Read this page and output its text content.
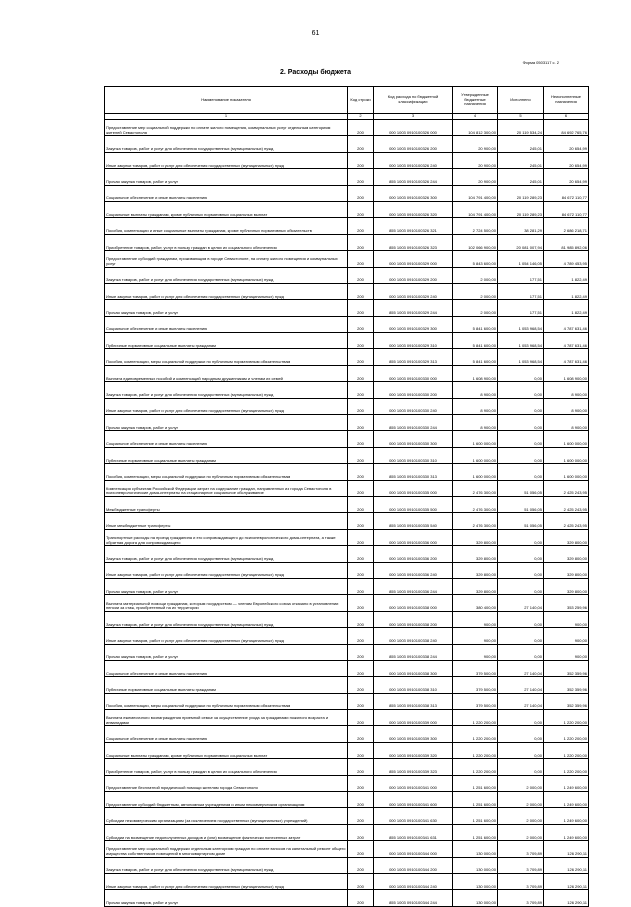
61
Форма 0503117 с. 2
2. Расходы бюджета
Наименование показателя	Код строки	Код расхода по бюджетной классификации	Утвержденные бюджетные назначения	Исполнено	Неисполненные назначения
1	2	3	4	5	6
Предоставление мер социальной поддержки по оплате жилого помещения, коммунальных услуг отдельным категориям жителей Севастополя	200	000 1003 0910100326 000	104 812 300,00	20 119 534,24	84 692 765,76
Закупка товаров, работ и услуг для обеспечения государственных (муниципальных) нужд	200	000 1003 0910100326 200	20 900,00	245,01	20 654,99
Иные закупки товаров, работ и услуг для обеспечения государственных (муниципальных) нужд	200	000 1003 0910100326 240	20 900,00	245,01	20 654,99
Прочая закупка товаров, работ и услуг	200	855 1003 0910100326 244	20 900,00	245,01	20 654,99
Социальное обеспечение и иные выплаты населению	200	000 1003 0910100326 300	104 791 400,00	20 119 289,23	84 672 110,77
Социальные выплаты гражданам, кроме публичных нормативных социальных выплат	200	000 1003 0910100326 320	104 791 400,00	20 119 289,23	84 672 110,77
Пособия, компенсации и иные социальные выплаты гражданам, кроме публичных нормативных обязательств	200	855 1003 0910100326 321	2 724 500,00	38 281,29	2 686 218,71
Приобретение товаров, работ, услуг в пользу граждан в целях их социального обеспечения	200	855 1003 0910100326 323	102 066 900,00	20 081 007,94	81 985 892,06
Предоставление субсидий гражданам, проживающим в городе Севастополе, на оплату жилого помещения и коммунальных услуг	200	000 1003 0910100329 000	5 843 600,00	1 054 146,05	4 789 453,95
Закупка товаров, работ и услуг для обеспечения государственных (муниципальных) нужд	200	000 1003 0910100329 200	2 000,00	177,51	1 822,49
Иные закупки товаров, работ и услуг для обеспечения государственных (муниципальных) нужд	200	000 1003 0910100329 240	2 000,00	177,51	1 822,49
Прочая закупка товаров, работ и услуг	200	855 1003 0910100329 244	2 000,00	177,51	1 822,49
Социальное обеспечение и иные выплаты населению	200	000 1003 0910100329 300	5 841 600,00	1 053 968,54	4 787 631,46
Публичные нормативные социальные выплаты гражданам	200	000 1003 0910100329 310	5 841 600,00	1 053 968,54	4 787 631,46
Пособия, компенсации, меры социальной поддержки по публичным нормативным обязательствам	200	855 1003 0910100329 313	5 841 600,00	1 053 968,54	4 787 631,46
Выплата единовременных пособий и компенсаций народным дружинникам и членам их семей	200	000 1003 0910100330 000	1 608 900,00	0,00	1 608 900,00
Закупка товаров, работ и услуг для обеспечения государственных (муниципальных) нужд	200	000 1003 0910100330 200	8 900,00	0,00	8 900,00
Иные закупки товаров, работ и услуг для обеспечения государственных (муниципальных) нужд	200	000 1003 0910100330 240	8 900,00	0,00	8 900,00
Прочая закупка товаров, работ и услуг	200	855 1003 0910100330 244	8 900,00	0,00	8 900,00
Социальное обеспечение и иные выплаты населению	200	000 1003 0910100330 300	1 600 000,00	0,00	1 600 000,00
Публичные нормативные социальные выплаты гражданам	200	000 1003 0910100330 310	1 600 000,00	0,00	1 600 000,00
Пособия, компенсации, меры социальной поддержки по публичным нормативным обязательствам	200	855 1003 0910100330 313	1 600 000,00	0,00	1 600 000,00
Компенсация субъектам Российской Федерации затрат на содержание граждан, направленных из города Севастополя в психоневрологические дома-интернаты на стационарное социальное обслуживание	200	000 1003 0910100335 000	2 476 300,00	51 056,05	2 425 243,95
Межбюджетные трансферты	200	000 1003 0910100335 500	2 476 300,00	51 056,05	2 425 243,95
Иные межбюджетные трансферты	200	855 1003 0910100335 540	2 476 300,00	51 056,05	2 425 243,95
Транспортные расходы на проезд гражданина и его сопровождающего до психоневрологического дома-интерната, а также обратная дорога для сопровождающего	200	000 1003 0910100336 000	329 800,00	0,00	329 800,00
Закупка товаров, работ и услуг для обеспечения государственных (муниципальных) нужд	200	000 1003 0910100336 200	329 800,00	0,00	329 800,00
Иные закупки товаров, работ и услуг для обеспечения государственных (муниципальных) нужд	200	000 1003 0910100336 240	329 800,00	0,00	329 800,00
Прочая закупка товаров, работ и услуг	200	855 1003 0910100336 244	329 800,00	0,00	329 800,00
Выплата материальной помощи гражданам, которым государством — членам Европейского союза отказано в установлении пенсии за стаж, приобретенный на их территории	200	000 1003 0910100338 000	380 400,00	27 140,04	353 259,96
Закупка товаров, работ и услуг для обеспечения государственных (муниципальных) нужд	200	000 1003 0910100338 200	900,00	0,00	900,00
Иные закупки товаров, работ и услуг для обеспечения государственных (муниципальных) нужд	200	000 1003 0910100338 240	900,00	0,00	900,00
Прочая закупка товаров, работ и услуг	200	855 1003 0910100338 244	900,00	0,00	900,00
Социальное обеспечение и иные выплаты населению	200	000 1003 0910100338 300	379 500,00	27 140,04	352 359,96
Публичные нормативные социальные выплаты гражданам	200	000 1003 0910100338 310	379 500,00	27 140,04	352 359,96
Пособия, компенсации, меры социальной поддержки по публичным нормативным обязательствам	200	855 1003 0910100338 313	379 500,00	27 140,04	352 359,96
Выплата ежемесячного вознаграждения приемной семье за осуществление ухода за гражданами пожилого возраста и инвалидами	200	000 1003 0910100339 000	1 220 200,00	0,00	1 220 200,00
Социальное обеспечение и иные выплаты населению	200	000 1003 0910100339 300	1 220 200,00	0,00	1 220 200,00
Социальные выплаты гражданам, кроме публичных нормативных социальных выплат	200	000 1003 0910100339 320	1 220 200,00	0,00	1 220 200,00
Приобретение товаров, работ, услуг в пользу граждан в целях их социального обеспечения	200	855 1003 0910100339 323	1 220 200,00	0,00	1 220 200,00
Предоставление бесплатной юридической помощи жителям города Севастополя	200	000 1003 0910100341 000	1 251 600,00	2 000,00	1 249 600,00
Предоставление субсидий бюджетным, автономным учреждениям и иным некоммерческим организациям	200	000 1003 0910100341 600	1 251 600,00	2 000,00	1 249 600,00
Субсидии некоммерческим организациям (за исключением государственных (муниципальных) учреждений)	200	000 1003 0910100341 630	1 251 600,00	2 000,00	1 249 600,00
Субсидии на возмещение недополученных доходов и (или) возмещение фактически понесенных затрат	200	855 1003 0910100341 631	1 251 600,00	2 000,00	1 249 600,00
Предоставление мер социальной поддержки отдельным категориям граждан по оплате взносов на капитальный ремонт общего имущества собственников помещений в многоквартирном доме	200	000 1003 0910100344 000	130 000,00	3 709,89	126 290,11
Закупка товаров, работ и услуг для обеспечения государственных (муниципальных) нужд	200	000 1003 0910100344 200	130 000,00	3 709,89	126 290,11
Иные закупки товаров, работ и услуг для обеспечения государственных (муниципальных) нужд	200	000 1003 0910100344 240	130 000,00	3 709,89	126 290,11
Прочая закупка товаров, работ и услуг	200	855 1003 0910100344 244	130 000,00	3 709,89	126 290,11
